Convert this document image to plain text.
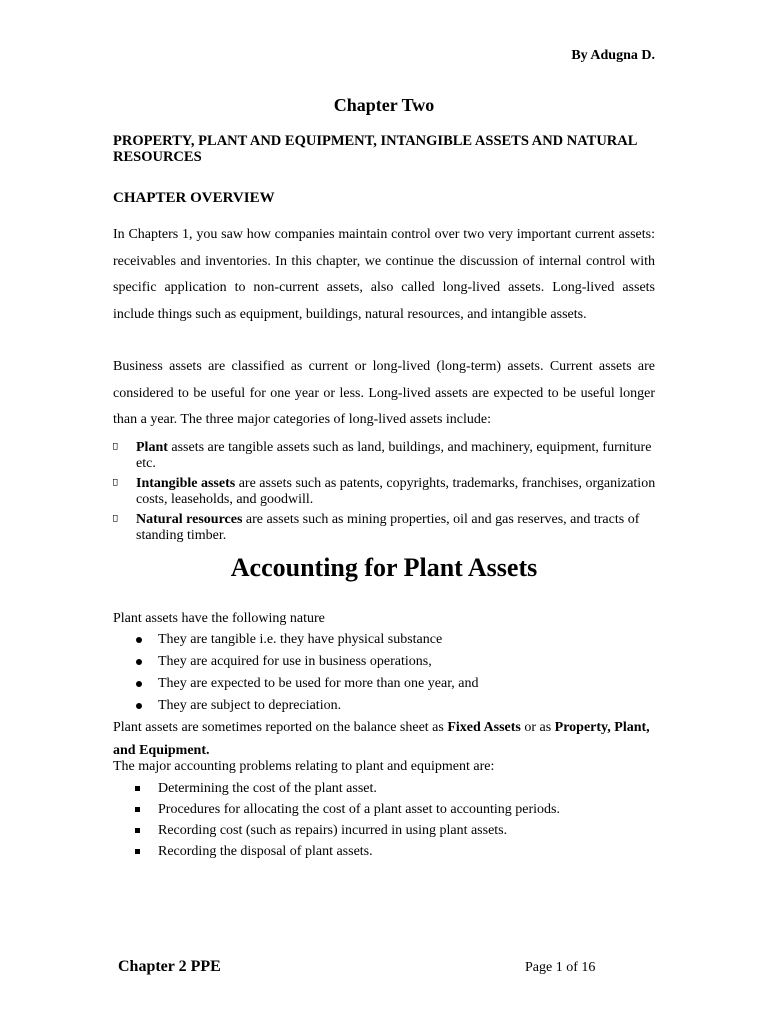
By Adugna D.
Chapter Two
PROPERTY, PLANT AND EQUIPMENT, INTANGIBLE ASSETS AND NATURAL RESOURCES
CHAPTER OVERVIEW
In Chapters 1, you saw how companies maintain control over two very important current assets: receivables and inventories. In this chapter, we continue the discussion of internal control with specific application to non-current assets, also called long-lived assets. Long-lived assets include things such as equipment, buildings, natural resources, and intangible assets.
Business assets are classified as current or long-lived (long-term) assets. Current assets are considered to be useful for one year or less. Long-lived assets are expected to be useful longer than a year. The three major categories of long-lived assets include:
Plant assets are tangible assets such as land, buildings, and machinery, equipment, furniture etc.
Intangible assets are assets such as patents, copyrights, trademarks, franchises, organization costs, leaseholds, and goodwill.
Natural resources are assets such as mining properties, oil and gas reserves, and tracts of standing timber.
Accounting for Plant Assets
Plant assets have the following nature
They are tangible i.e. they have physical substance
They are acquired for use in business operations,
They are expected to be used for more than one year, and
They are subject to depreciation.
Plant assets are sometimes reported on the balance sheet as Fixed Assets or as Property, Plant, and Equipment.
The major accounting problems relating to plant and equipment are:
Determining the cost of the plant asset.
Procedures for allocating the cost of a plant asset to accounting periods.
Recording cost (such as repairs) incurred in using plant assets.
Recording the disposal of plant assets.
Chapter 2 PPE	Page 1 of 16
